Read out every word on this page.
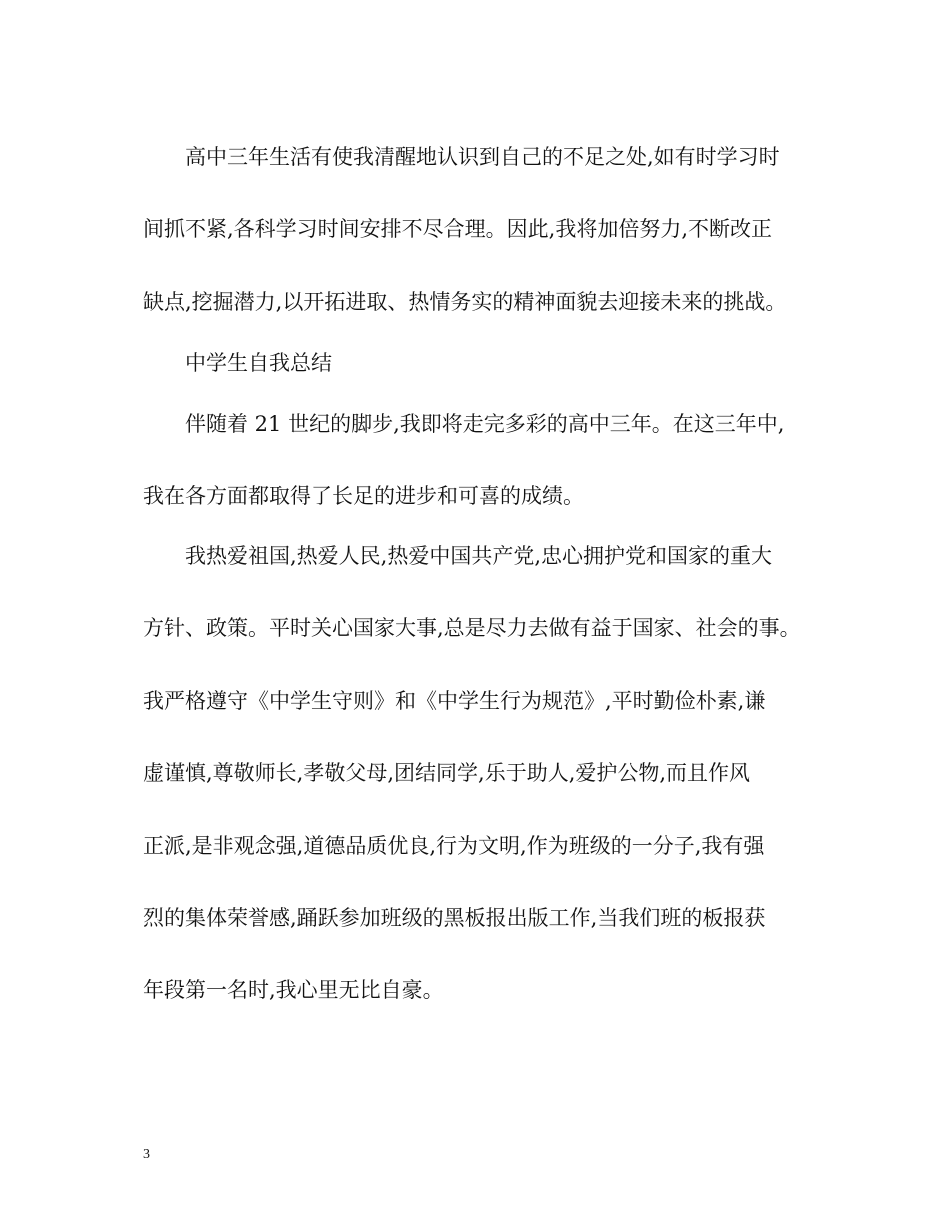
高中三年生活有使我清醒地认识到自己的不足之处,如有时学习时

间抓不紧,各科学习时间安排不尽合理。因此,我将加倍努力,不断改正

缺点,挖掘潜力,以开拓进取、热情务实的精神面貌去迎接未来的挑战。

中学生自我总结

伴随着 21 世纪的脚步,我即将走完多彩的高中三年。在这三年中,

我在各方面都取得了长足的进步和可喜的成绩。

我热爱祖国,热爱人民,热爱中国共产党,忠心拥护党和国家的重大

方针、政策。平时关心国家大事,总是尽力去做有益于国家、社会的事。

我严格遵守《中学生守则》和《中学生行为规范》,平时勤俭朴素,谦

虚谨慎,尊敬师长,孝敬父母,团结同学,乐于助人,爱护公物,而且作风

正派,是非观念强,道德品质优良,行为文明,作为班级的一分子,我有强

烈的集体荣誉感,踊跃参加班级的黑板报出版工作,当我们班的板报获

年段第一名时,我心里无比自豪。

3
